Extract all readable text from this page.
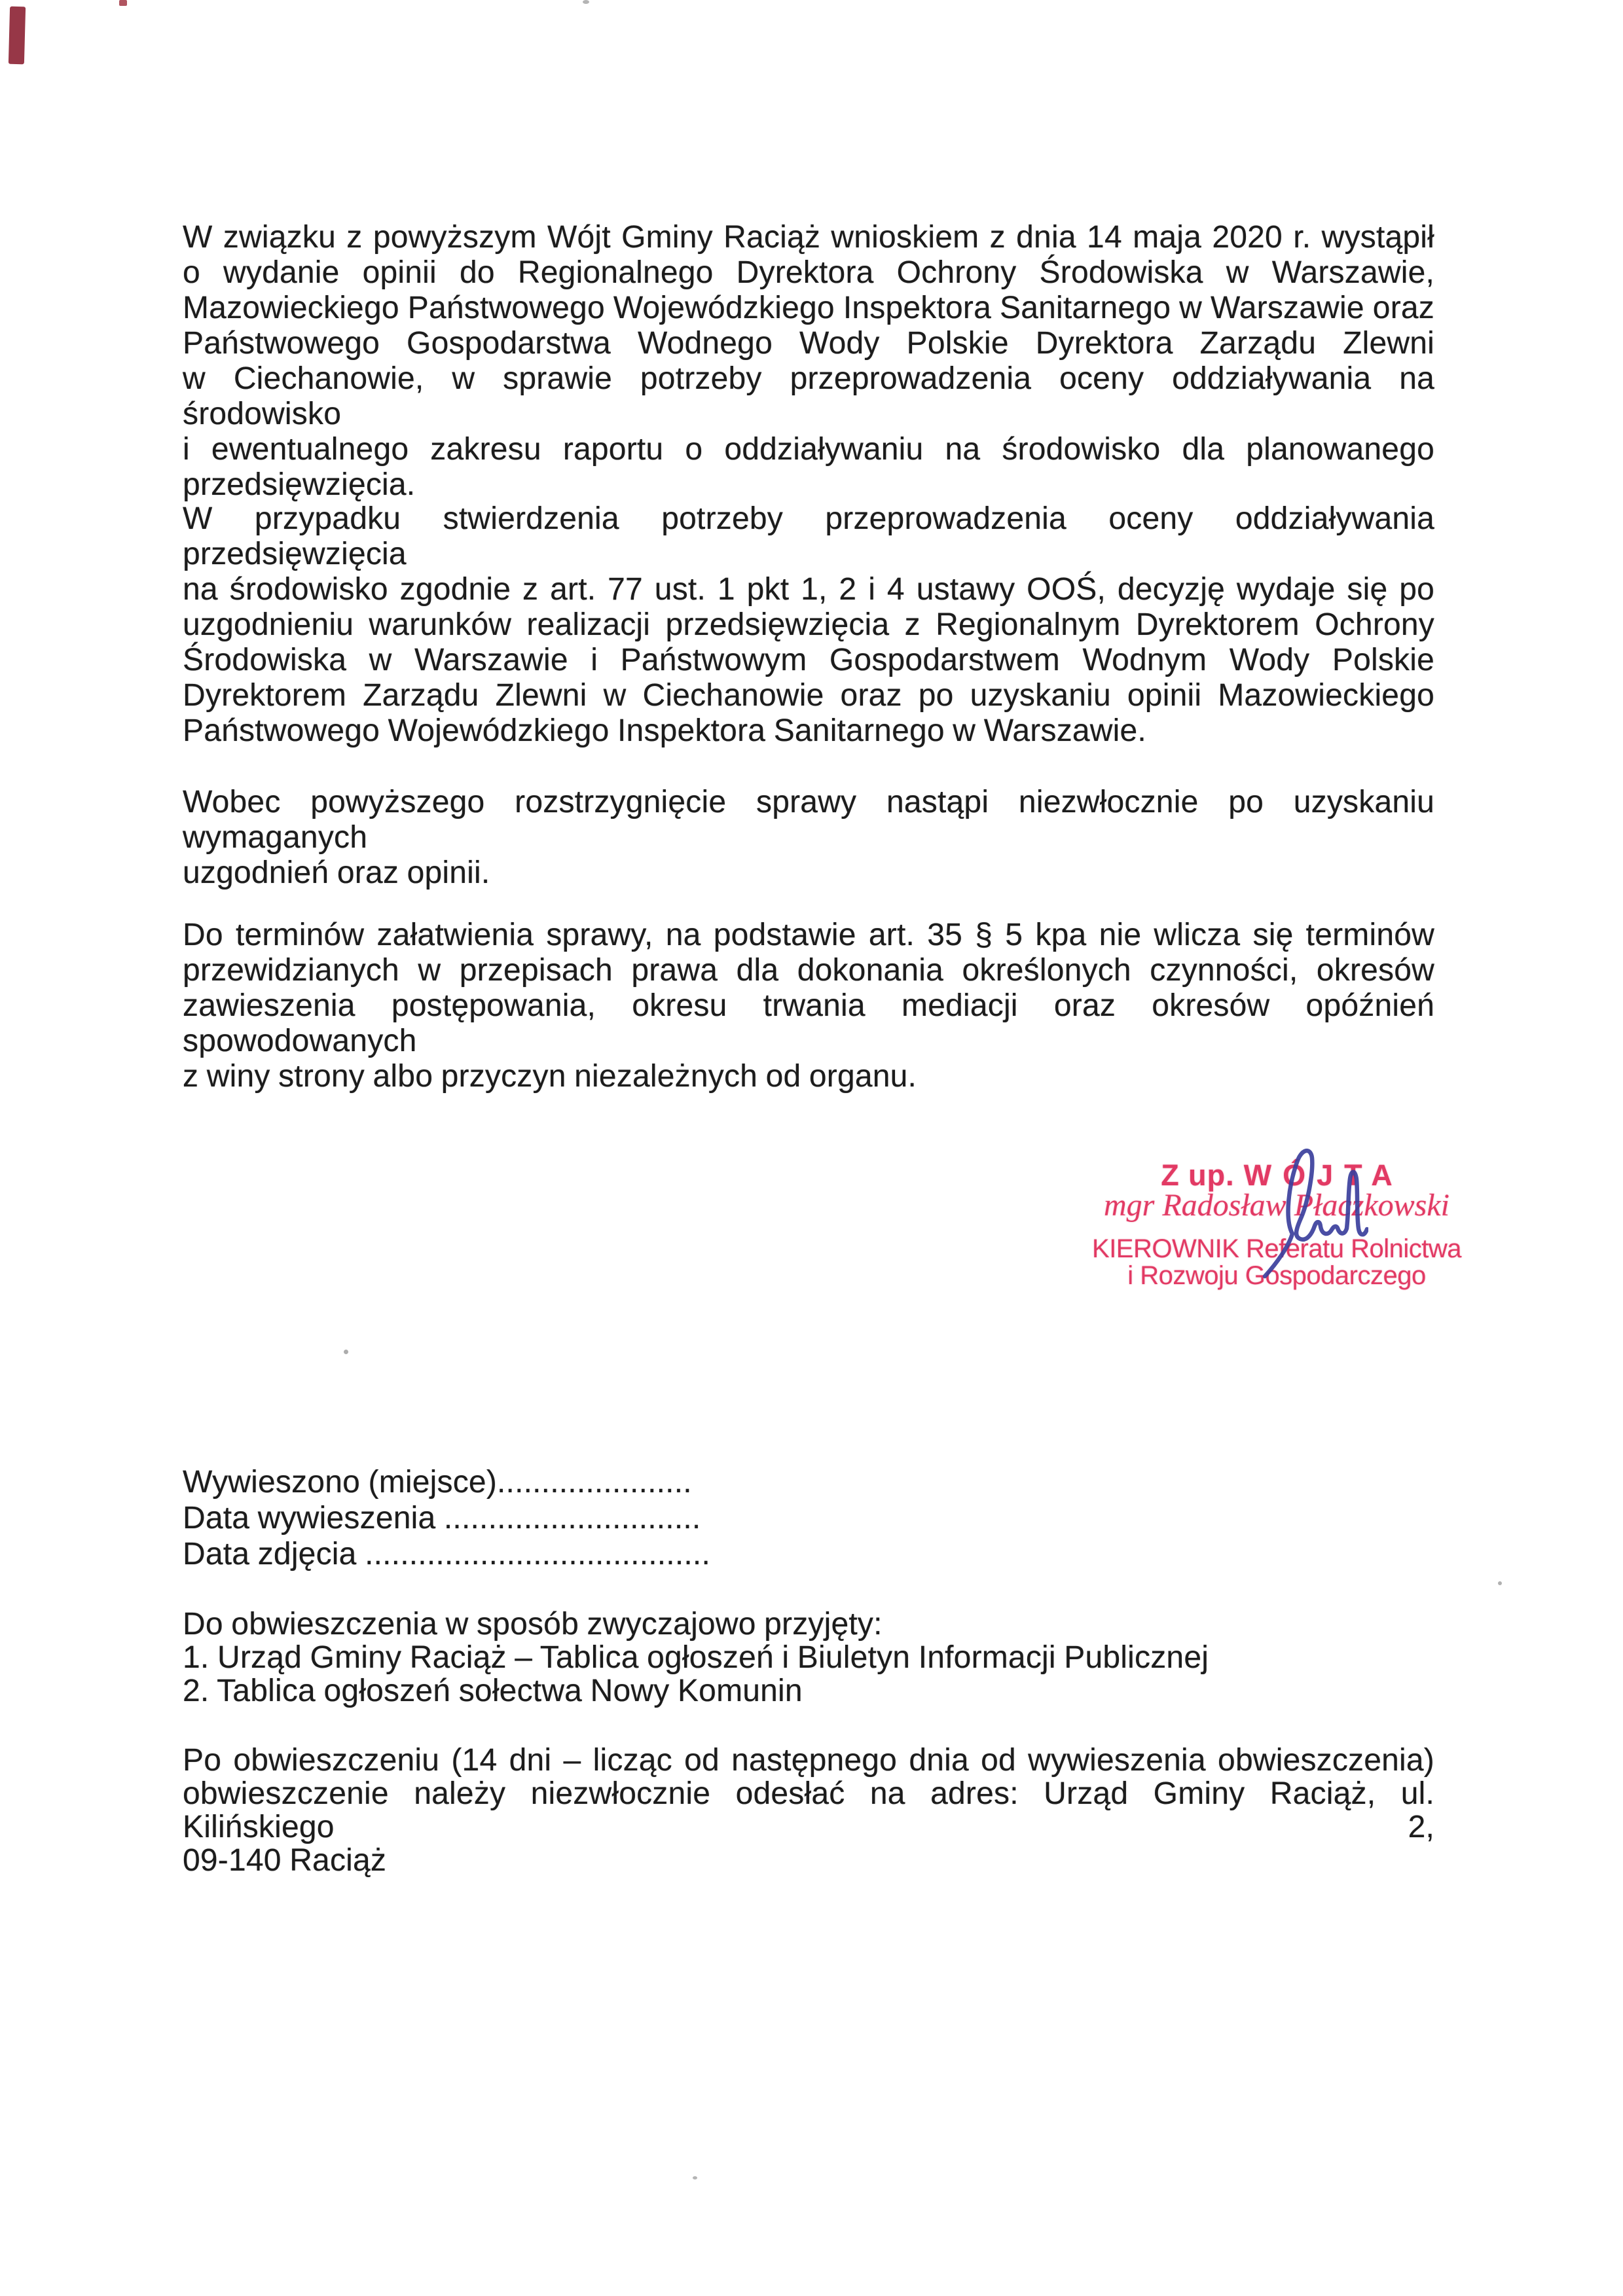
W związku z powyższym Wójt Gminy Raciąż wnioskiem z dnia 14 maja 2020 r. wystąpił
o wydanie opinii do Regionalnego Dyrektora Ochrony Środowiska w Warszawie,
Mazowieckiego Państwowego Wojewódzkiego Inspektora Sanitarnego w Warszawie oraz
Państwowego Gospodarstwa Wodnego Wody Polskie Dyrektora Zarządu Zlewni
w Ciechanowie, w sprawie potrzeby przeprowadzenia oceny oddziaływania na środowisko
i ewentualnego zakresu raportu o oddziaływaniu na środowisko dla planowanego
przedsięwzięcia.
W przypadku stwierdzenia potrzeby przeprowadzenia oceny oddziaływania przedsięwzięcia
na środowisko zgodnie z art. 77 ust. 1 pkt 1, 2 i 4 ustawy OOŚ, decyzję wydaje się po
uzgodnieniu warunków realizacji przedsięwzięcia z Regionalnym Dyrektorem Ochrony
Środowiska w Warszawie i Państwowym Gospodarstwem Wodnym Wody Polskie
Dyrektorem Zarządu Zlewni w Ciechanowie oraz po uzyskaniu opinii Mazowieckiego
Państwowego Wojewódzkiego Inspektora Sanitarnego w Warszawie.
Wobec powyższego rozstrzygnięcie sprawy nastąpi niezwłocznie po uzyskaniu wymaganych
uzgodnień oraz opinii.
Do terminów załatwienia sprawy, na podstawie art. 35 § 5 kpa nie wlicza się terminów
przewidzianych w przepisach prawa dla dokonania określonych czynności, okresów
zawieszenia postępowania, okresu trwania mediacji oraz okresów opóźnień spowodowanych
z winy strony albo przyczyn niezależnych od organu.
Z up. WÓJTA
mgr Radosław Płaczkowski
KIEROWNIK Referatu Rolnictwa
i Rozwoju Gospodarczego
Wywieszono (miejsce)......................
Data wywieszenia .............................
Data zdjęcia .......................................
Do obwieszczenia w sposób zwyczajowo przyjęty:
1. Urząd Gminy Raciąż – Tablica ogłoszeń i Biuletyn Informacji Publicznej
2. Tablica ogłoszeń sołectwa Nowy Komunin
Po obwieszczeniu (14 dni – licząc od następnego dnia od wywieszenia obwieszczenia)
obwieszczenie należy niezwłocznie odesłać na adres: Urząd Gminy Raciąż, ul. Kilińskiego 2,
09-140 Raciąż
